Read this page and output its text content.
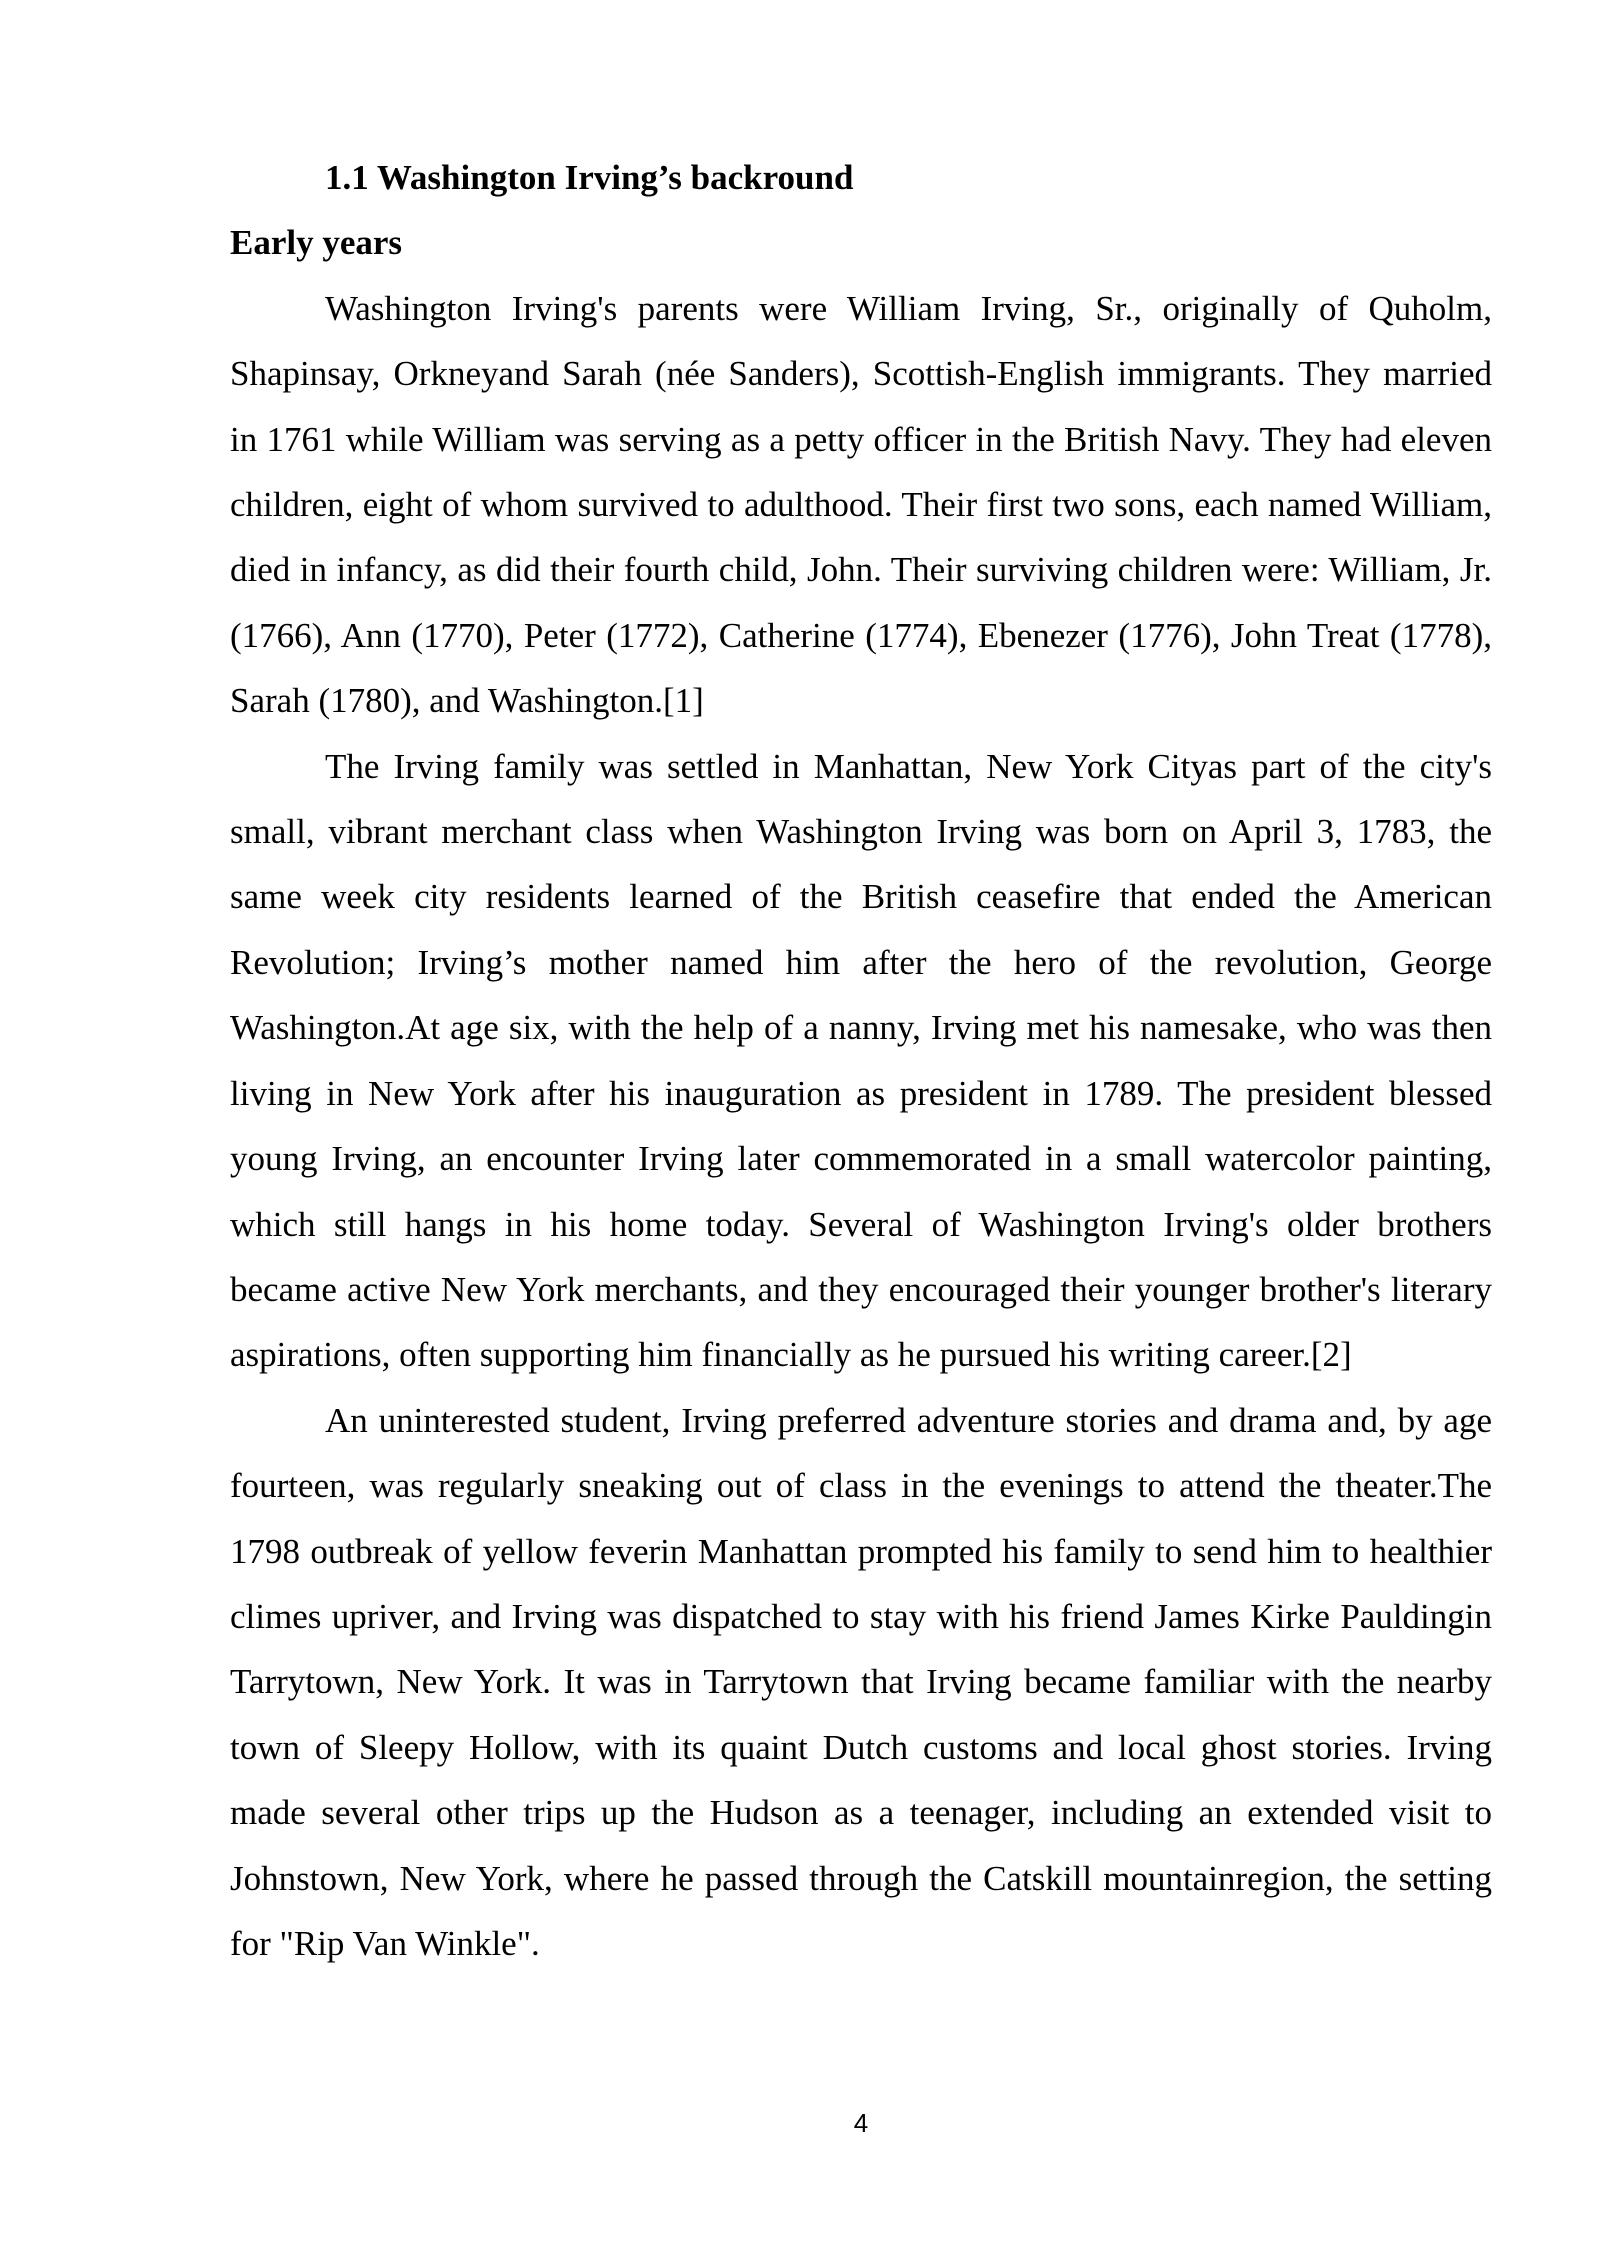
1.1 Washington Irving’s backround
Early years

Washington Irving's parents were William Irving, Sr., originally of Quholm, Shapinsay, Orkneyand Sarah (née Sanders), Scottish-English immigrants. They married in 1761 while William was serving as a petty officer in the British Navy. They had eleven children, eight of whom survived to adulthood. Their first two sons, each named William, died in infancy, as did their fourth child, John. Their surviving children were: William, Jr. (1766), Ann (1770), Peter (1772), Catherine (1774), Ebenezer (1776), John Treat (1778), Sarah (1780), and Washington.[1]

The Irving family was settled in Manhattan, New York Cityas part of the city's small, vibrant merchant class when Washington Irving was born on April 3, 1783, the same week city residents learned of the British ceasefire that ended the American Revolution; Irving’s mother named him after the hero of the revolution, George Washington.At age six, with the help of a nanny, Irving met his namesake, who was then living in New York after his inauguration as president in 1789. The president blessed young Irving, an encounter Irving later commemorated in a small watercolor painting, which still hangs in his home today. Several of Washington Irving's older brothers became active New York merchants, and they encouraged their younger brother's literary aspirations, often supporting him financially as he pursued his writing career.[2]

An uninterested student, Irving preferred adventure stories and drama and, by age fourteen, was regularly sneaking out of class in the evenings to attend the theater.The 1798 outbreak of yellow feverin Manhattan prompted his family to send him to healthier climes upriver, and Irving was dispatched to stay with his friend James Kirke Pauldingin Tarrytown, New York. It was in Tarrytown that Irving became familiar with the nearby town of Sleepy Hollow, with its quaint Dutch customs and local ghost stories. Irving made several other trips up the Hudson as a teenager, including an extended visit to Johnstown, New York, where he passed through the Catskill mountainregion, the setting for "Rip Van Winkle".

4
